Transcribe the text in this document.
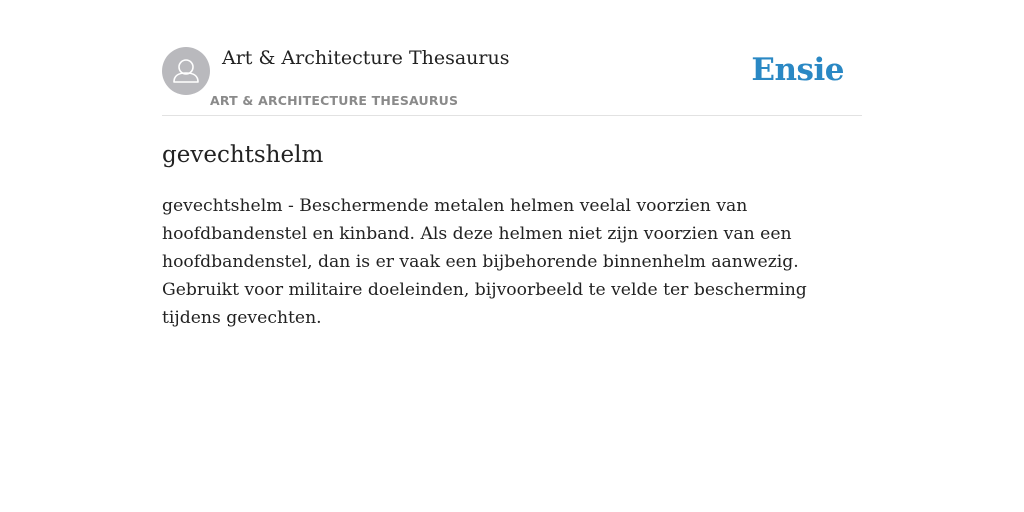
Art & Architecture Thesaurus
ART & ARCHITECTURE THESAURUS
Ensie
gevechtshelm

gevechtshelm - Beschermende metalen helmen veelal voorzien van hoofdbandenstel en kinband. Als deze helmen niet zijn voorzien van een hoofdbandenstel, dan is er vaak een bijbehorende binnenhelm aanwezig. Gebruikt voor militaire doeleinden, bijvoorbeeld te velde ter bescherming tijdens gevechten.
